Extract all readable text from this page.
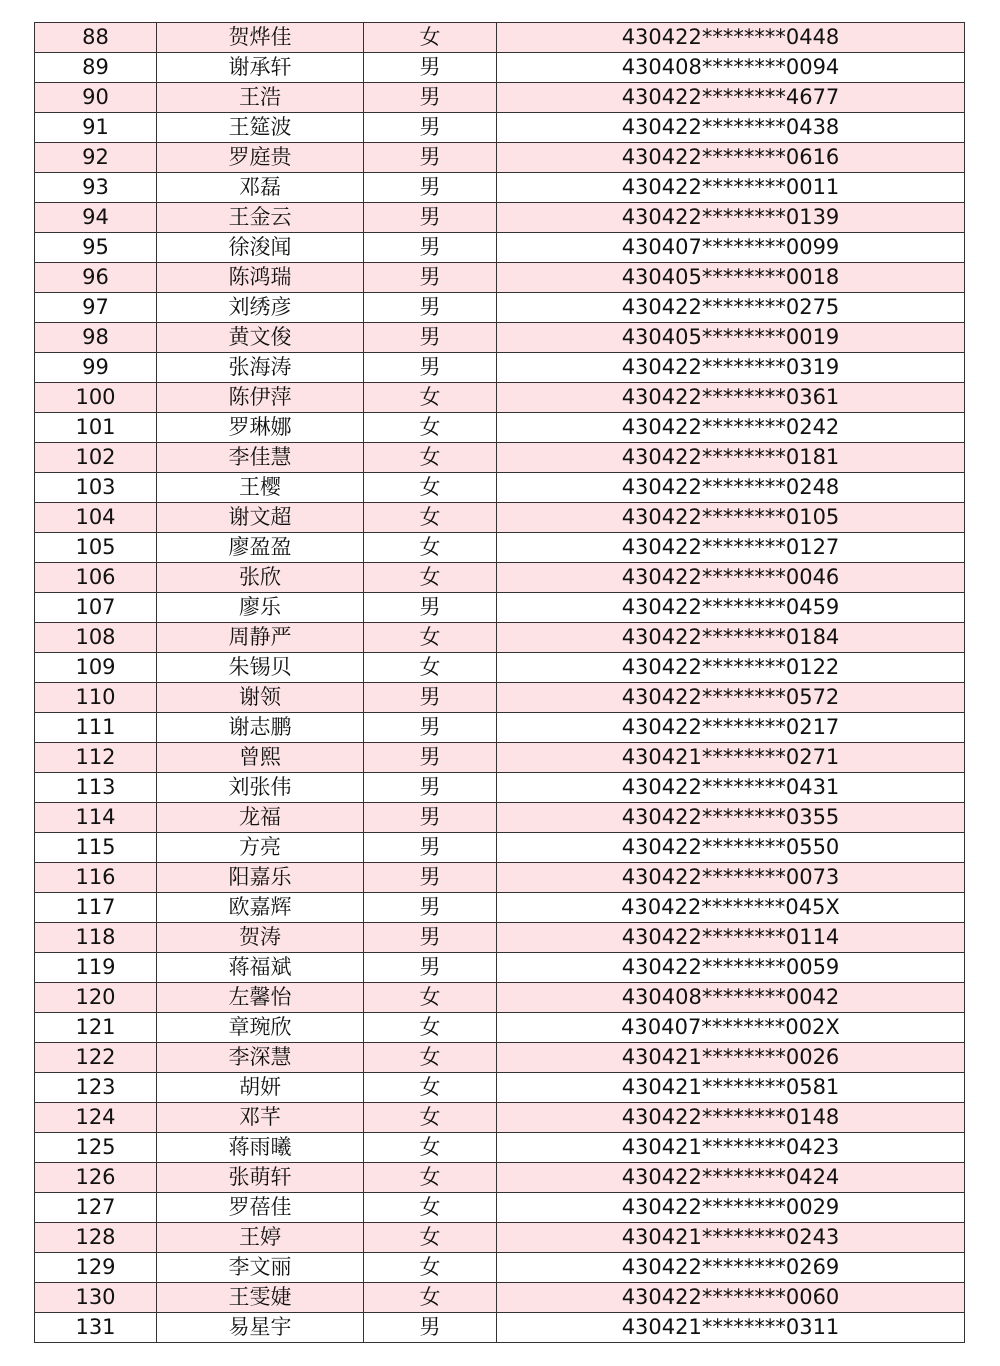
88	贺烨佳	女	430422********0448
89	谢承轩	男	430408********0094
90	王浩	男	430422********4677
91	王筵波	男	430422********0438
92	罗庭贵	男	430422********0616
93	邓磊	男	430422********0011
94	王金云	男	430422********0139
95	徐浚闻	男	430407********0099
96	陈鸿瑞	男	430405********0018
97	刘绣彦	男	430422********0275
98	黄文俊	男	430405********0019
99	张海涛	男	430422********0319
100	陈伊萍	女	430422********0361
101	罗琳娜	女	430422********0242
102	李佳慧	女	430422********0181
103	王樱	女	430422********0248
104	谢文超	女	430422********0105
105	廖盈盈	女	430422********0127
106	张欣	女	430422********0046
107	廖乐	男	430422********0459
108	周静严	女	430422********0184
109	朱锡贝	女	430422********0122
110	谢领	男	430422********0572
111	谢志鹏	男	430422********0217
112	曾熙	男	430421********0271
113	刘张伟	男	430422********0431
114	龙福	男	430422********0355
115	方亮	男	430422********0550
116	阳嘉乐	男	430422********0073
117	欧嘉辉	男	430422********045X
118	贺涛	男	430422********0114
119	蒋福斌	男	430422********0059
120	左馨怡	女	430408********0042
121	章琬欣	女	430407********002X
122	李深慧	女	430421********0026
123	胡妍	女	430421********0581
124	邓芊	女	430422********0148
125	蒋雨曦	女	430421********0423
126	张萌轩	女	430422********0424
127	罗蓓佳	女	430422********0029
128	王婷	女	430421********0243
129	李文丽	女	430422********0269
130	王雯婕	女	430422********0060
131	易星宇	男	430421********0311
